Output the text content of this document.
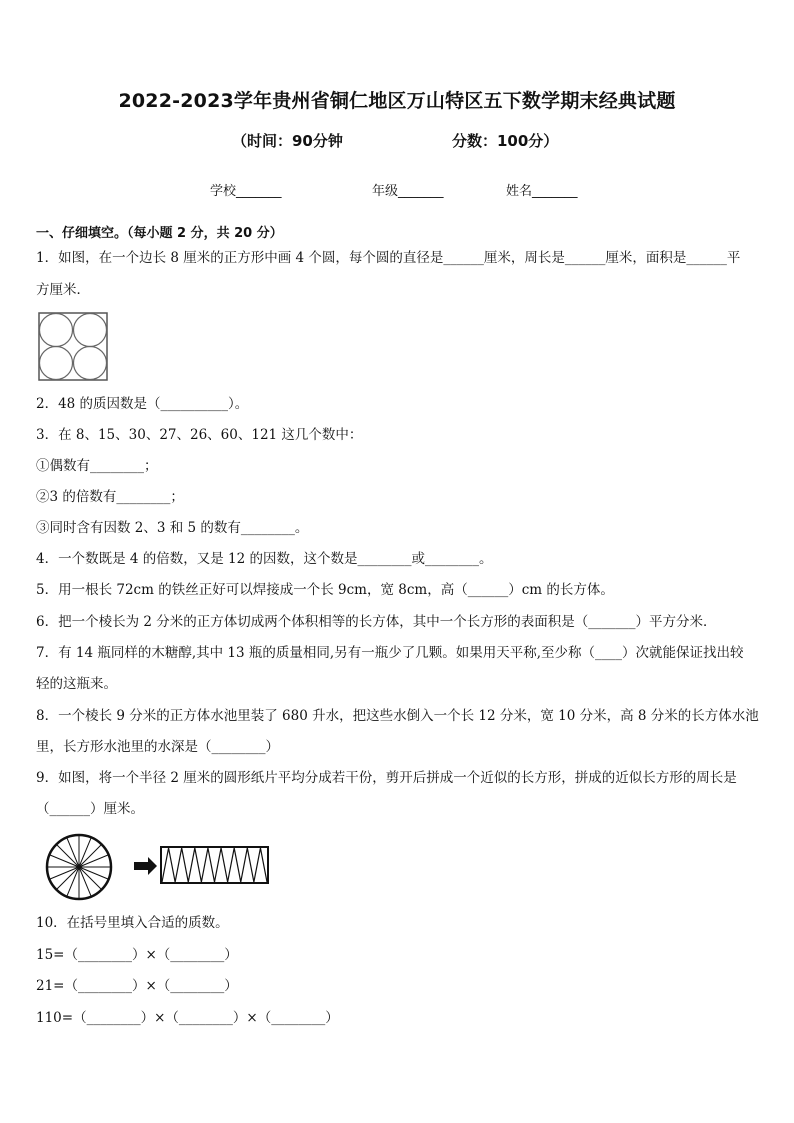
2022-2023学年贵州省铜仁地区万山特区五下数学期末经典试题
（时间：90分钟	分数：100分）
学校_______	年级_______	姓名_______
一、仔细填空。（每小题 2 分，共 20 分）
1．如图，在一个边长 8 厘米的正方形中画 4 个圆，每个圆的直径是______厘米，周长是______厘米，面积是______平
方厘米．
2．48 的质因数是（__________）。
3．在 8、15、30、27、26、60、121 这几个数中：
①偶数有________；
②3 的倍数有________；
③同时含有因数 2、3 和 5 的数有________。
4．一个数既是 4 的倍数，又是 12 的因数，这个数是________或________。
5．用一根长 72cm 的铁丝正好可以焊接成一个长 9cm，宽 8cm，高（______）cm 的长方体。
6．把一个棱长为 2 分米的正方体切成两个体积相等的长方体，其中一个长方形的表面积是（_______）平方分米．
7．有 14 瓶同样的木糖醇,其中 13 瓶的质量相同,另有一瓶少了几颗。如果用天平称,至少称（____）次就能保证找出较
轻的这瓶来。
8．一个棱长 9 分米的正方体水池里装了 680 升水，把这些水倒入一个长 12 分米，宽 10 分米，高 8 分米的长方体水池
里，长方形水池里的水深是（________）
9．如图，将一个半径 2 厘米的圆形纸片平均分成若干份，剪开后拼成一个近似的长方形，拼成的近似长方形的周长是
（______）厘米。
10．在括号里填入合适的质数。
15=（________）×（________）
21=（________）×（________）
110=（________）×（________）×（________）
